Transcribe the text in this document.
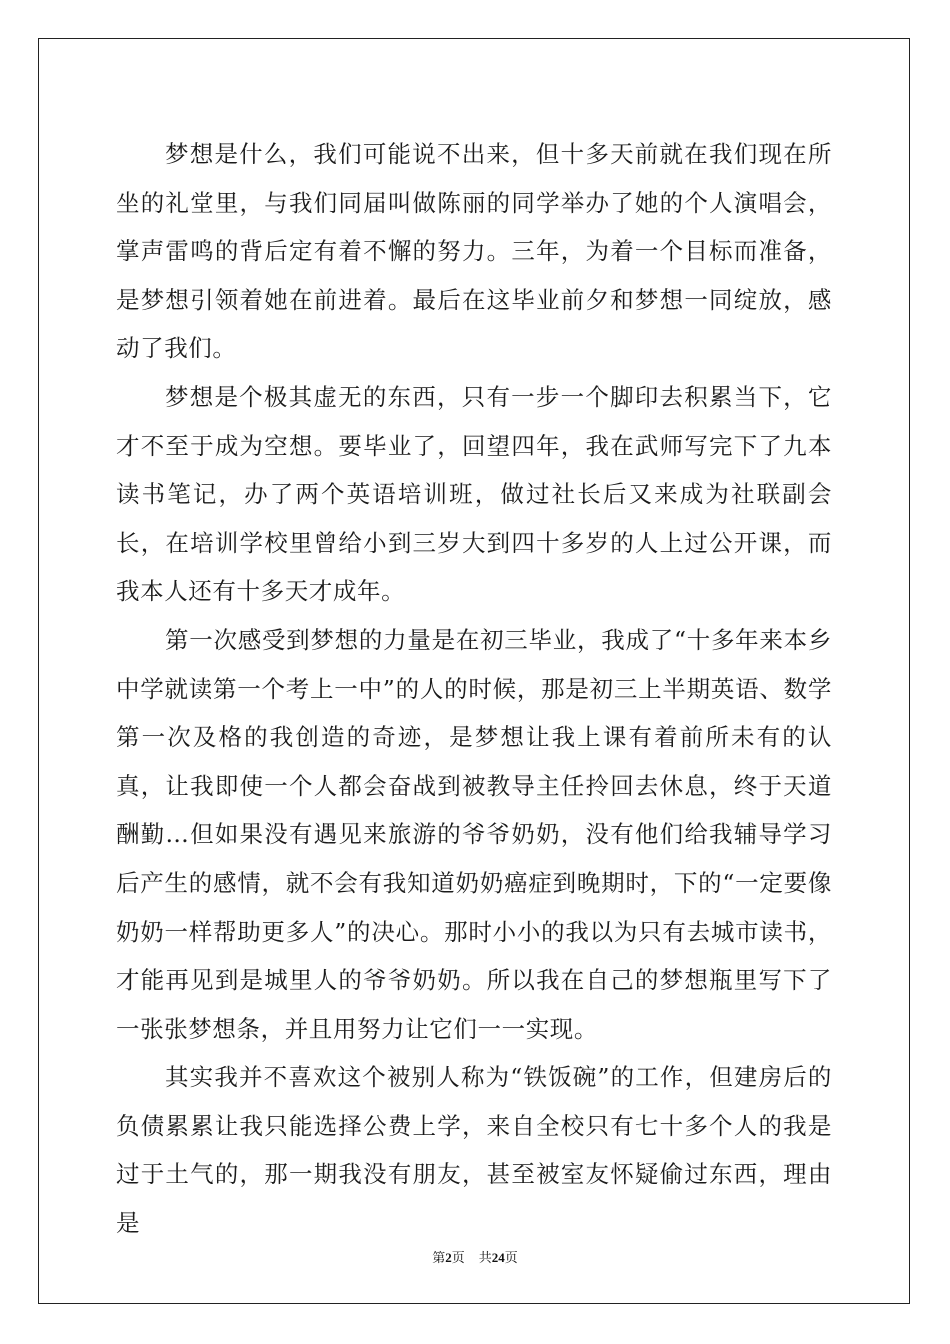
梦想是什么，我们可能说不出来，但十多天前就在我们现在所坐的礼堂里，与我们同届叫做陈丽的同学举办了她的个人演唱会，掌声雷鸣的背后定有着不懈的努力。三年，为着一个目标而准备，是梦想引领着她在前进着。最后在这毕业前夕和梦想一同绽放，感动了我们。

梦想是个极其虚无的东西，只有一步一个脚印去积累当下，它才不至于成为空想。要毕业了，回望四年，我在武师写完下了九本读书笔记，办了两个英语培训班，做过社长后又来成为社联副会长，在培训学校里曾给小到三岁大到四十多岁的人上过公开课，而我本人还有十多天才成年。

第一次感受到梦想的力量是在初三毕业，我成了“十多年来本乡中学就读第一个考上一中”的人的时候，那是初三上半期英语、数学第一次及格的我创造的奇迹，是梦想让我上课有着前所未有的认真，让我即使一个人都会奋战到被教导主任拎回去休息，终于天道酬勤…但如果没有遇见来旅游的爷爷奶奶，没有他们给我辅导学习后产生的感情，就不会有我知道奶奶癌症到晚期时，下的“一定要像奶奶一样帮助更多人”的决心。那时小小的我以为只有去城市读书，才能再见到是城里人的爷爷奶奶。所以我在自己的梦想瓶里写下了一张张梦想条，并且用努力让它们一一实现。

其实我并不喜欢这个被别人称为“铁饭碗”的工作，但建房后的负债累累让我只能选择公费上学，来自全校只有七十多个人的我是过于土气的，那一期我没有朋友，甚至被室友怀疑偷过东西，理由是

第2页 共24页
